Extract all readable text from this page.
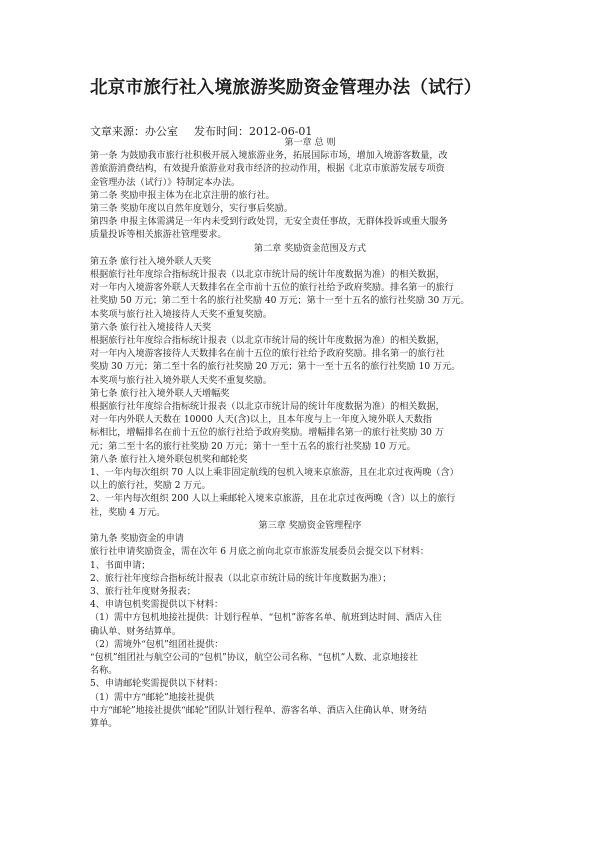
北京市旅行社入境旅游奖励资金管理办法（试行）
文章来源：办公室 发布时间：2012-06-01

第一章 总 则

第一条 为鼓励我市旅行社积极开展入境旅游业务，拓展国际市场，增加入境游客数量，改

善旅游消费结构，有效提升旅游业对我市经济的拉动作用，根据《北京市旅游发展专项资

金管理办法（试行）》特制定本办法。

第二条 奖励申报主体为在北京注册的旅行社。

第三条 奖励年度以自然年度划分，实行事后奖励。

第四条 申报主体需满足一年内未受到行政处罚，无安全责任事故，无群体投诉或重大服务

质量投诉等相关旅游社管理要求。

第二章 奖励资金范围及方式

第五条 旅行社入境外联人天奖

根据旅行社年度综合指标统计报表（以北京市统计局的统计年度数据为准）的相关数据，

对一年内入境游客外联人天数排名在全市前十五位的旅行社给予政府奖励。排名第一的旅行

社奖励 50 万元；第二至十名的旅行社奖励 40 万元；第十一至十五名的旅行社奖励 30 万元。

本奖项与旅行社入境接待人天奖不重复奖励。

第六条 旅行社入境接待人天奖

根据旅行社年度综合指标统计报表（以北京市统计局的统计年度数据为准）的相关数据，

对一年内入境游客接待人天数排名在前十五位的旅行社给予政府奖励。排名第一的旅行社

奖励 30 万元；第二至十名的旅行社奖励 20 万元；第十一至十五名的旅行社奖励 10 万元。

本奖项与旅行社入境外联人天奖不重复奖励。

第七条 旅行社入境外联人天增幅奖

根据旅行社年度综合指标统计报表（以北京市统计局的统计年度数据为准）的相关数据，

对一年内外联人天数在 10000 人天(含)以上，且本年度与上一年度入境外联人天数指

标相比，增幅排名在前十五位的旅行社给予政府奖励。增幅排名第一的旅行社奖励 30 万

元；第二至十名的旅行社奖励 20 万元；第十一至十五名的旅行社奖励 10 万元。

第八条 旅行社入境外联包机奖和邮轮奖

1、一年内每次组织 70 人以上乘非固定航线的包机入境来京旅游，且在北京过夜两晚（含）

以上的旅行社，奖励 2 万元。

2、一年内每次组织 200 人以上乘邮轮入境来京旅游，且在北京过夜两晚（含）以上的旅行

社，奖励 4 万元。

第三章 奖励资金管理程序

第九条 奖励资金的申请

旅行社申请奖励资金，需在次年 6 月底之前向北京市旅游发展委员会提交以下材料：

1、书面申请；

2、旅行社年度综合指标统计报表（以北京市统计局的统计年度数据为准）；

3、旅行社年度财务报表；

4、申请包机奖需提供以下材料：

（1）需中方包机地接社提供：计划行程单、“包机”游客名单、航班到达时间、酒店入住

确认单、财务结算单。

（2）需境外“包机”组团社提供：

“包机”组团社与航空公司的“包机”协议，航空公司名称、“包机”人数、北京地接社

名称。

5、申请邮轮奖需提供以下材料：

（1）需中方“邮轮”地接社提供

中方“邮轮”地接社提供“邮轮”团队计划行程单、游客名单、酒店入住确认单、财务结

算单。
